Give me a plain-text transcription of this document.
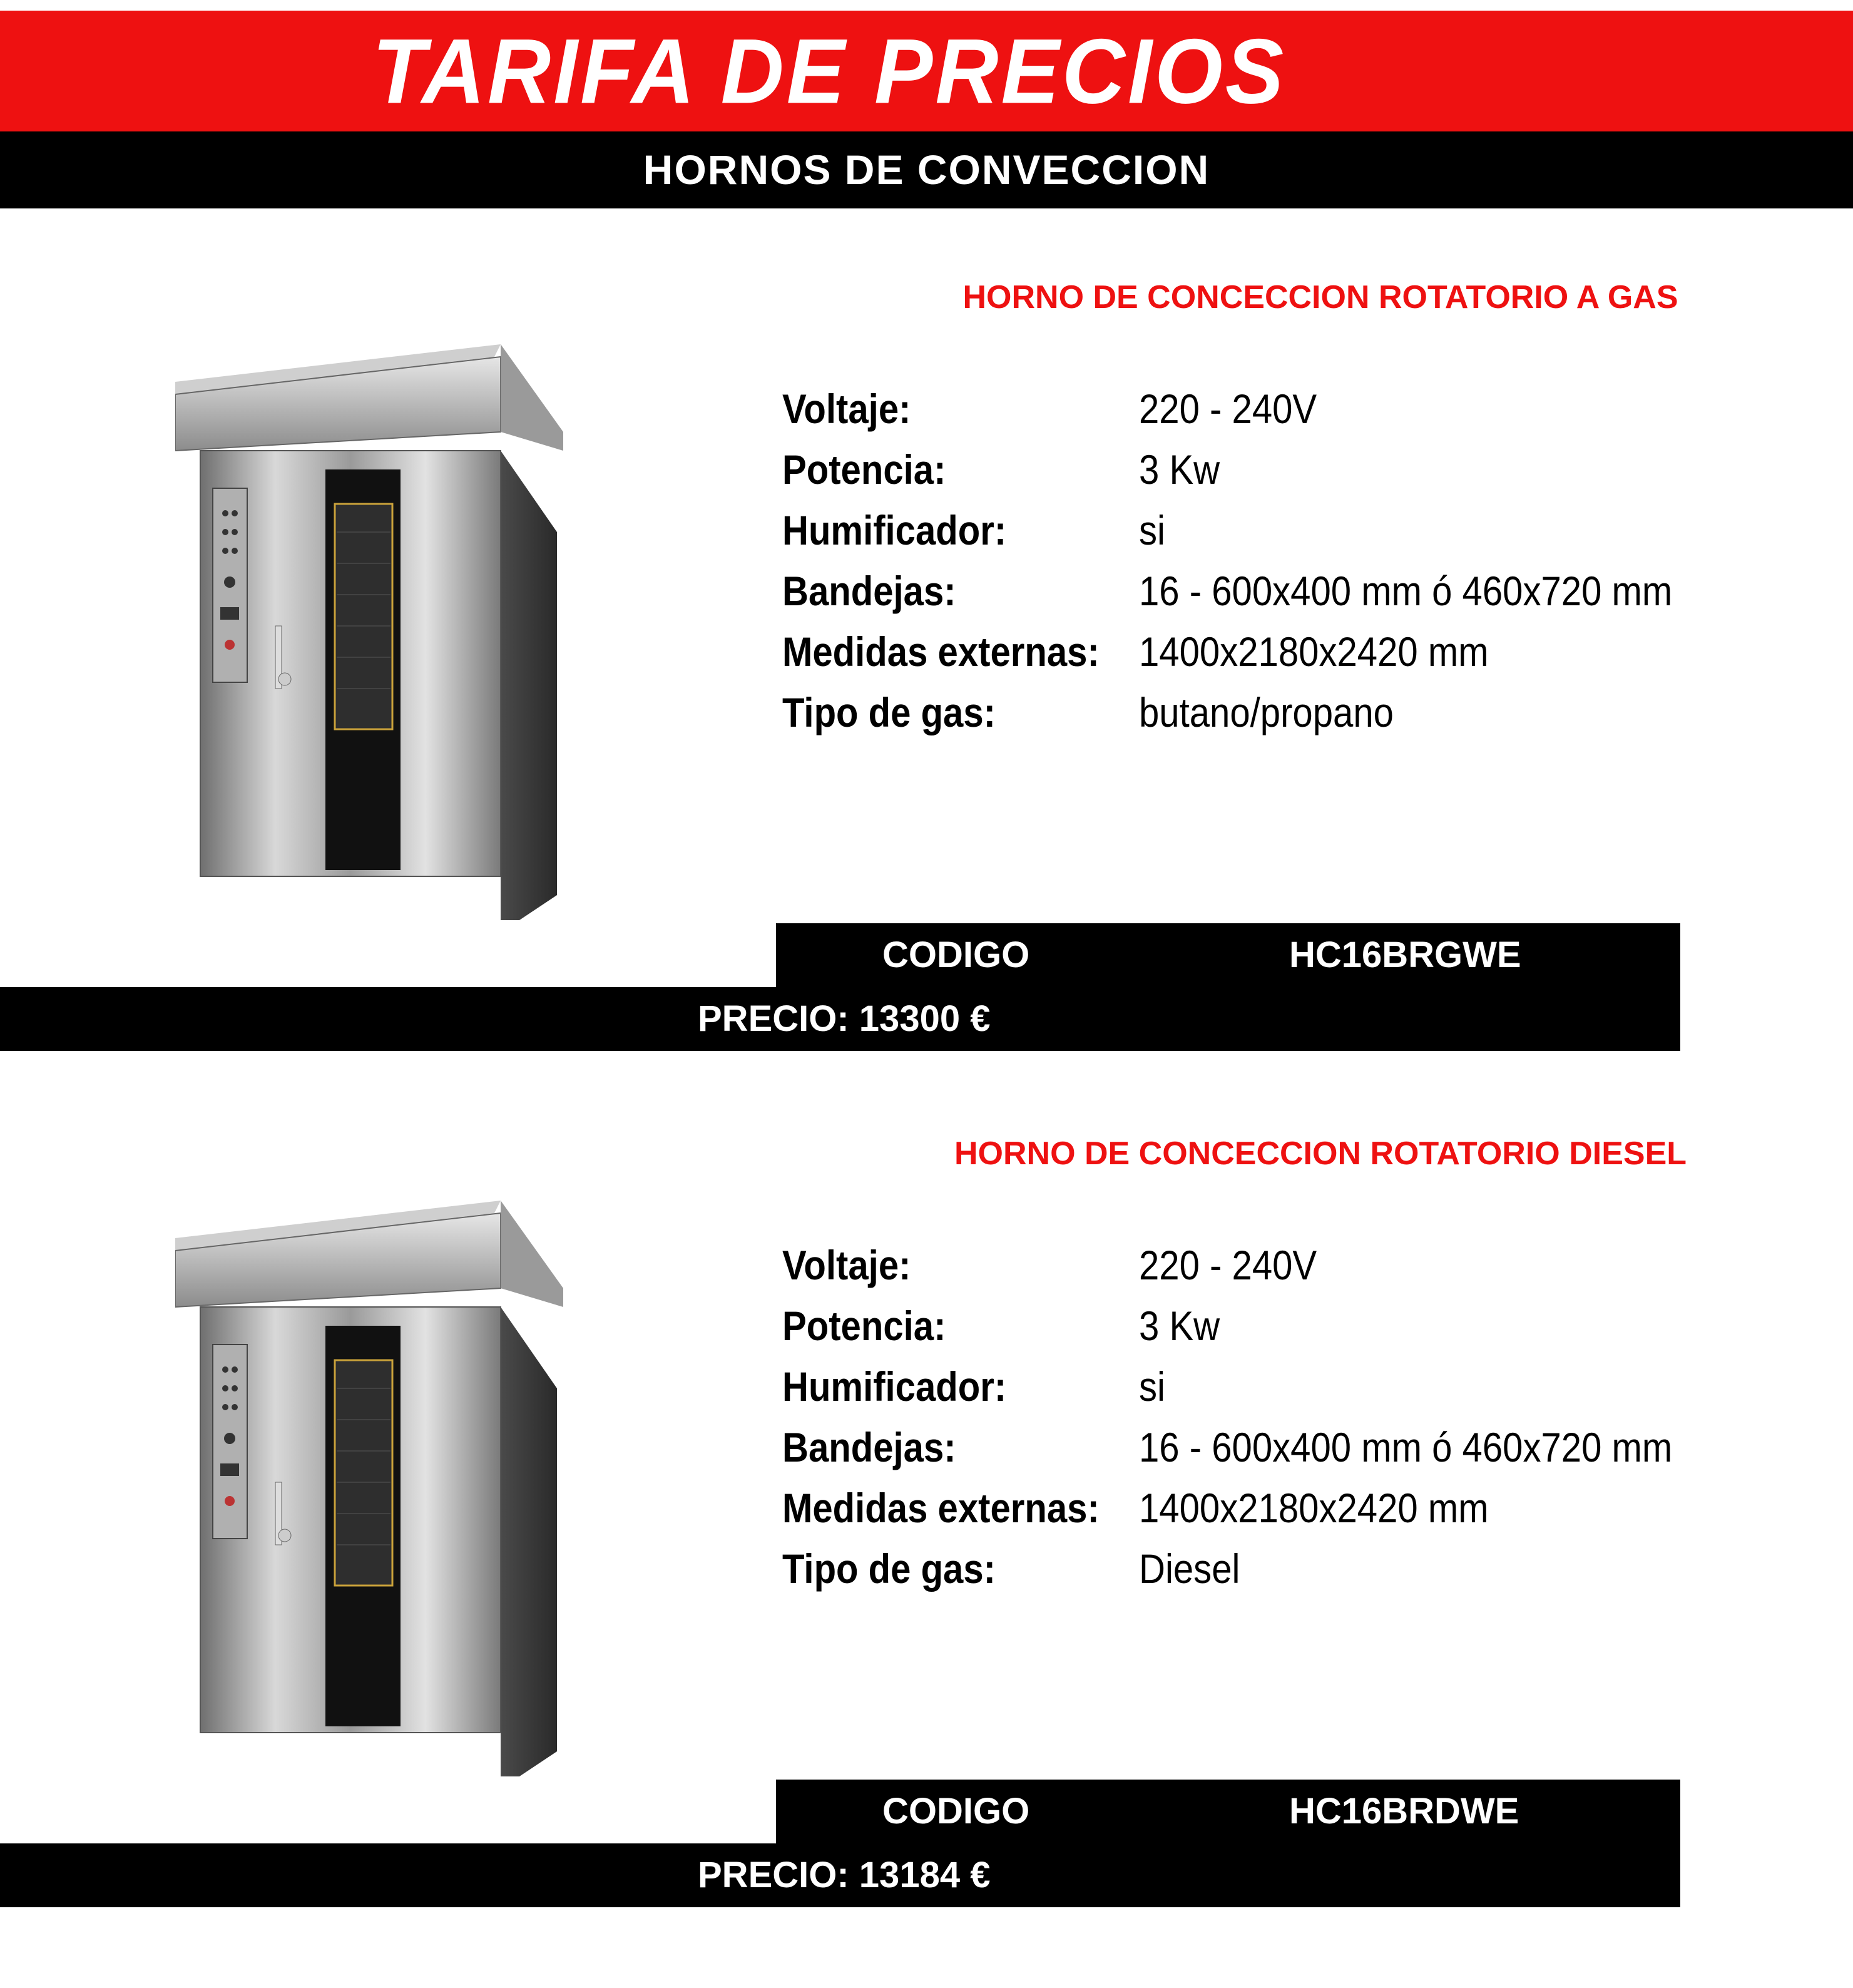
TARIFA DE PRECIOS
HORNOS DE CONVECCION
HORNO DE CONCECCION ROTATORIO A GAS
Voltaje:	220 - 240V
Potencia:	3 Kw
Humificador:	si
Bandejas:	16 - 600x400 mm ó 460x720 mm
Medidas externas: 1400x2180x2420 mm
Tipo de gas:	butano/propano
CODIGO	HC16BRGWE
PRECIO: 13300 €
HORNO DE CONCECCION ROTATORIO DIESEL
Voltaje:	220 - 240V
Potencia:	3 Kw
Humificador:	si
Bandejas:	16 - 600x400 mm ó 460x720 mm
Medidas externas: 1400x2180x2420 mm
Tipo de gas:	Diesel
CODIGO	HC16BRDWE
PRECIO: 13184 €
